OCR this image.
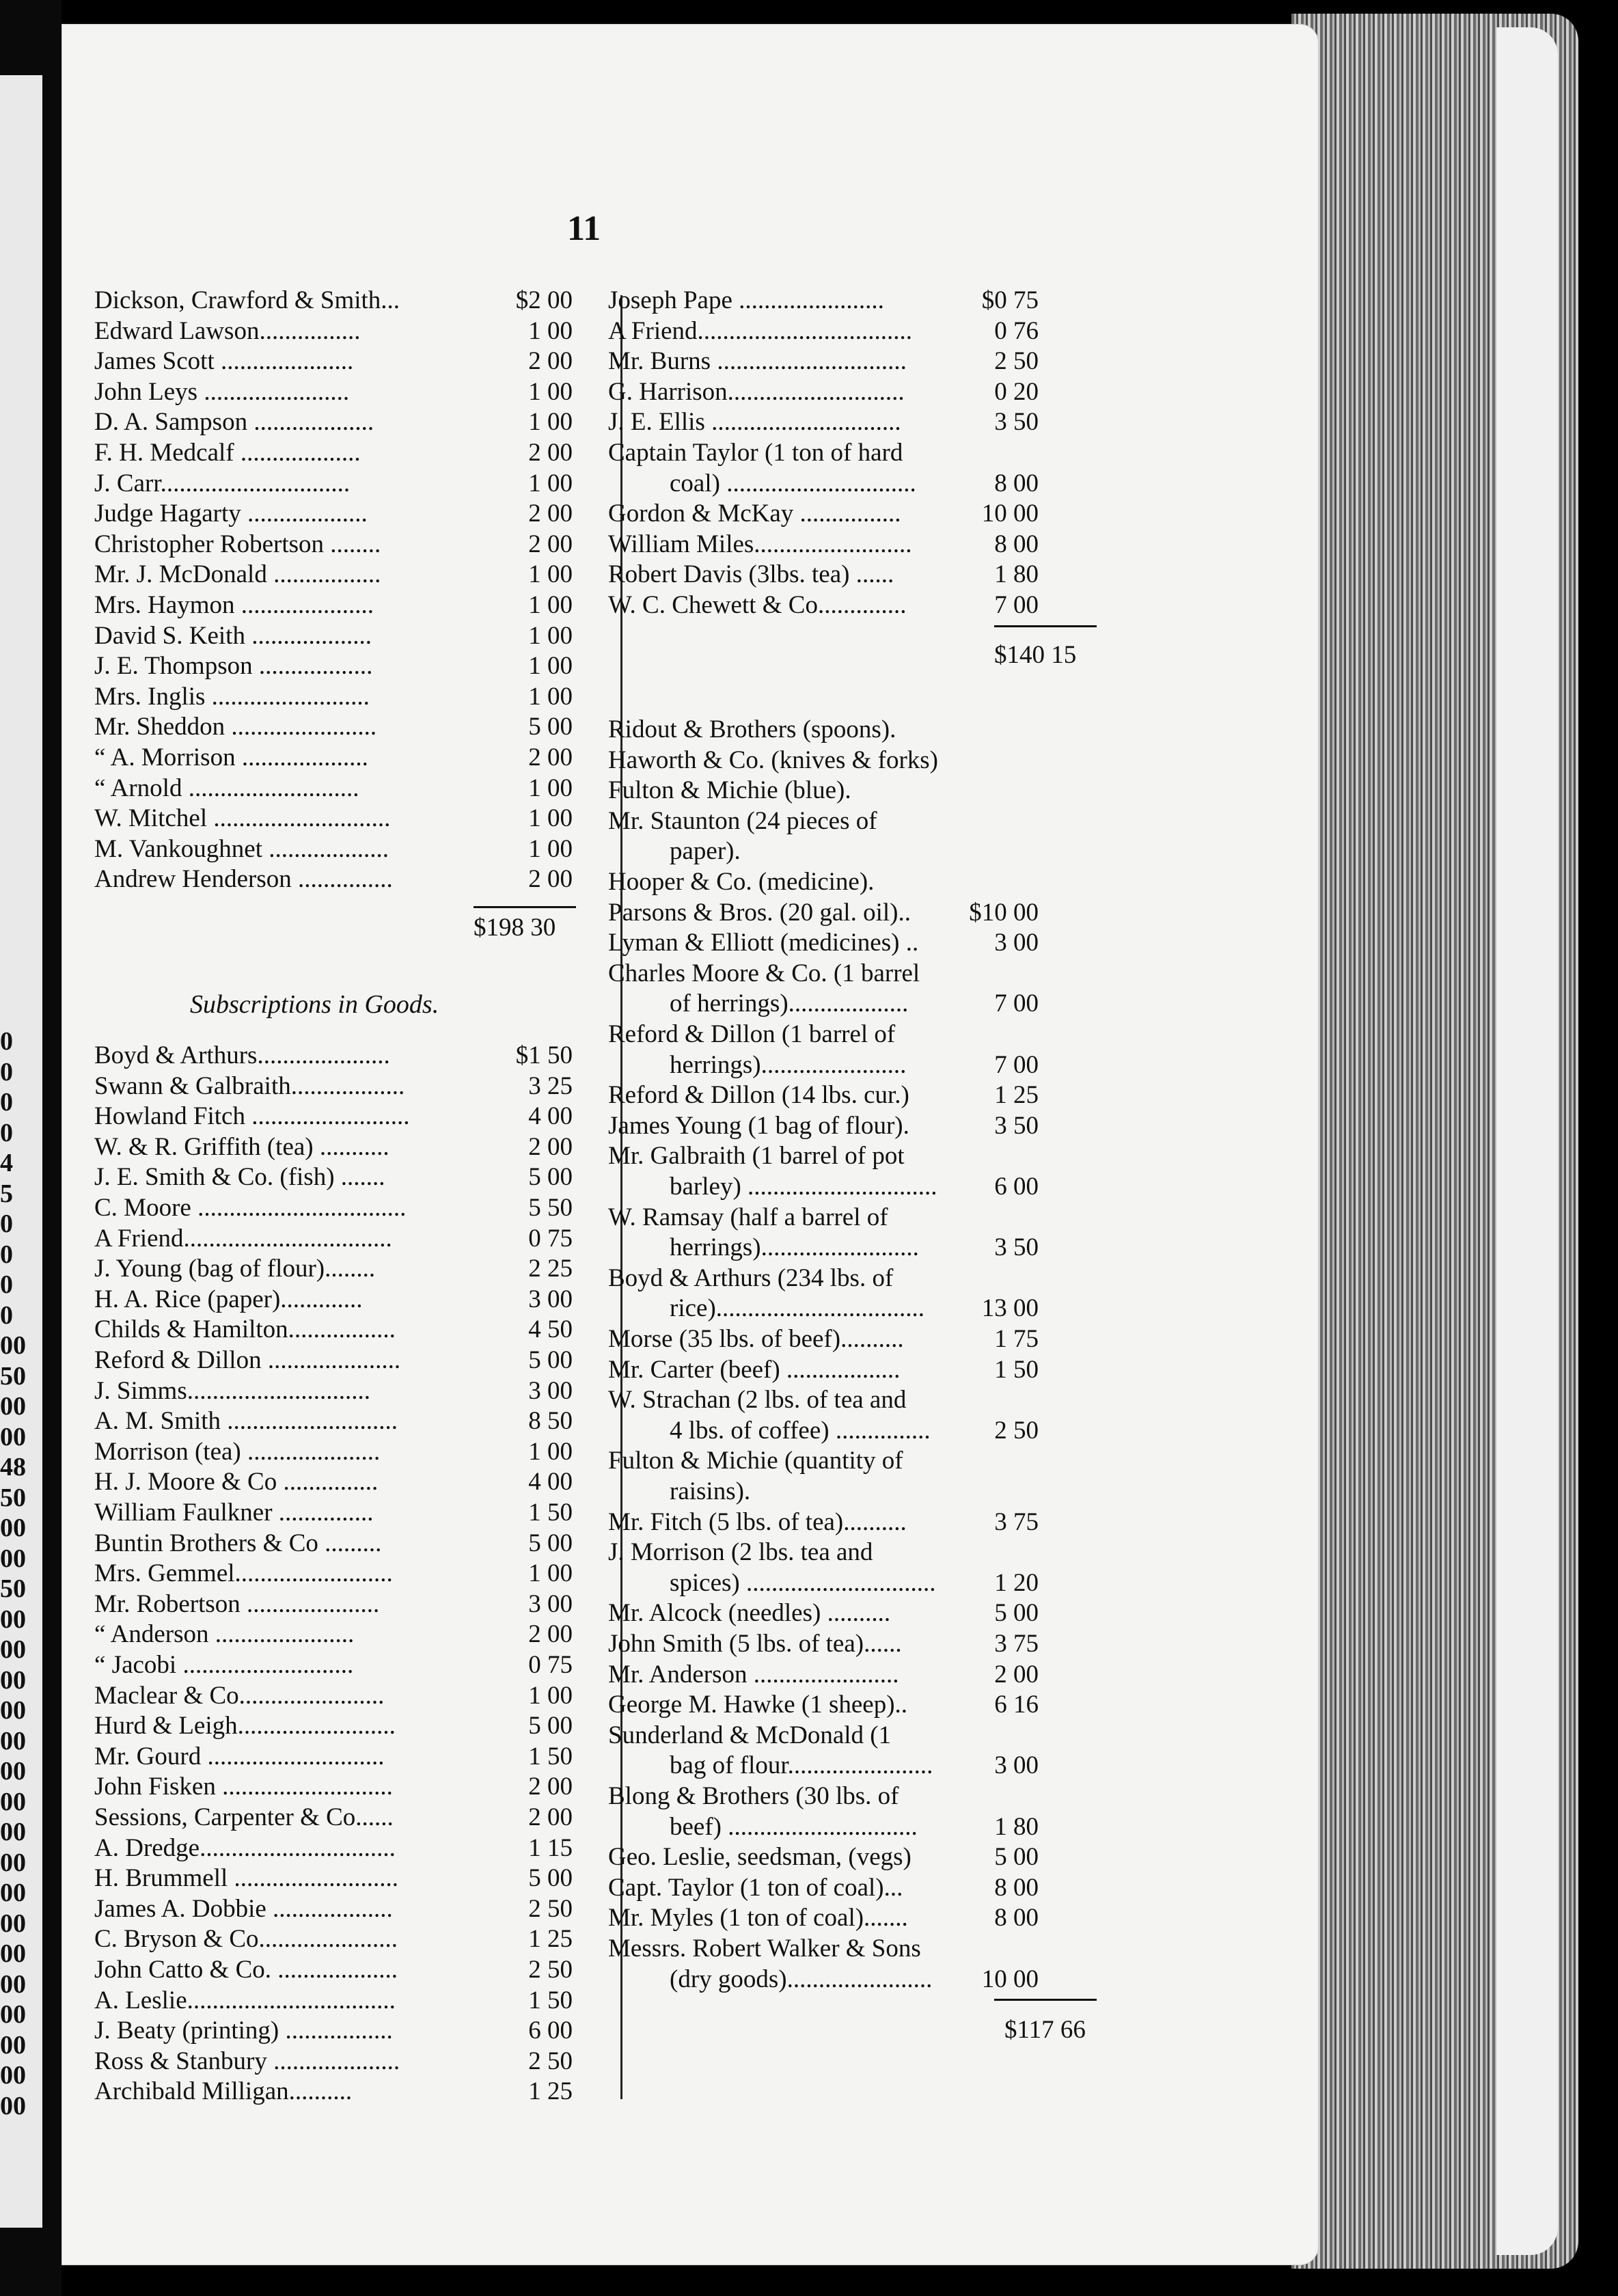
0
0
0
0
4
5
0
0
0
0
00
50
00
00
48
50
00
00
50
00
00
00
00
00
00
00
00
00
00
00
00
00
00
00
00
00
11
Dickson, Crawford & Smith...	$2 00
Edward Lawson................	1 00
James Scott .....................	2 00
John Leys .......................	1 00
D. A. Sampson ...................	1 00
F. H. Medcalf ...................	2 00
J. Carr..............................	1 00
Judge Hagarty ...................	2 00
Christopher Robertson ........	2 00
Mr. J. McDonald .................	1 00
Mrs. Haymon .....................	1 00
David S. Keith ...................	1 00
J. E. Thompson ..................	1 00
Mrs. Inglis .........................	1 00
Mr. Sheddon .......................	5 00
“ A. Morrison ....................	2 00
“ Arnold ...........................	1 00
W. Mitchel ............................	1 00
M. Vankoughnet ...................	1 00
Andrew Henderson ...............	2 00
$198 30
Boyd & Arthurs.....................	$1 50
Swann & Galbraith..................	3 25
Howland Fitch .........................	4 00
W. & R. Griffith (tea) ...........	2 00
J. E. Smith & Co. (fish) .......	5 00
C. Moore .................................	5 50
A Friend.................................	0 75
J. Young (bag of flour)........	2 25
H. A. Rice (paper).............	3 00
Childs & Hamilton.................	4 50
Reford & Dillon .....................	5 00
J. Simms.............................	3 00
A. M. Smith ...........................	8 50
Morrison (tea) .....................	1 00
H. J. Moore & Co ...............	4 00
William Faulkner ...............	1 50
Buntin Brothers & Co .........	5 00
Mrs. Gemmel.........................	1 00
Mr. Robertson .....................	3 00
“ Anderson ......................	2 00
“ Jacobi ...........................	0 75
Maclear & Co.......................	1 00
Hurd & Leigh.........................	5 00
Mr. Gourd ............................	1 50
John Fisken ...........................	2 00
Sessions, Carpenter & Co......	2 00
A. Dredge...............................	1 15
H. Brummell ..........................	5 00
James A. Dobbie ...................	2 50
C. Bryson & Co......................	1 25
John Catto & Co. ...................	2 50
A. Leslie.................................	1 50
J. Beaty (printing) .................	6 00
Ross & Stanbury ....................	2 50
Archibald Milligan..........	1 25
Subscriptions in Goods.
Joseph Pape .......................	$0 75
A Friend..................................	0 76
Mr. Burns ..............................	2 50
G. Harrison............................	0 20
J. E. Ellis ..............................	3 50
Captain Taylor (1 ton of hard
coal) ..............................	8 00
Gordon & McKay ................	10 00
William Miles.........................	8 00
Robert Davis (3lbs. tea) ......	1 80
W. C. Chewett & Co..............	7 00
$140 15
Ridout & Brothers (spoons).
Haworth & Co. (knives & forks)
Fulton & Michie (blue).
Mr. Staunton (24 pieces of
paper).
Hooper & Co. (medicine).
Parsons & Bros. (20 gal. oil)..	$10 00
Lyman & Elliott (medicines) ..	3 00
Charles Moore & Co. (1 barrel
of herrings)...................	7 00
Reford & Dillon (1 barrel of
herrings).......................	7 00
Reford & Dillon (14 lbs. cur.)	1 25
James Young (1 bag of flour).	3 50
Mr. Galbraith (1 barrel of pot
barley) ..............................	6 00
W. Ramsay (half a barrel of
herrings).........................	3 50
Boyd & Arthurs (234 lbs. of
rice).................................	13 00
Morse (35 lbs. of beef)..........	1 75
Mr. Carter (beef) ..................	1 50
W. Strachan (2 lbs. of tea and
4 lbs. of coffee) ...............	2 50
Fulton & Michie (quantity of
raisins).
Mr. Fitch (5 lbs. of tea)..........	3 75
J. Morrison (2 lbs. tea and
spices) ..............................	1 20
Mr. Alcock (needles) ..........	5 00
John Smith (5 lbs. of tea)......	3 75
Mr. Anderson .......................	2 00
George M. Hawke (1 sheep)..	6 16
Sunderland & McDonald (1
bag of flour.......................	3 00
Blong & Brothers (30 lbs. of
beef) ..............................	1 80
Geo. Leslie, seedsman, (vegs)	5 00
Capt. Taylor (1 ton of coal)...	8 00
Mr. Myles (1 ton of coal).......	8 00
Messrs. Robert Walker & Sons
(dry goods).......................	10 00
$117 66
